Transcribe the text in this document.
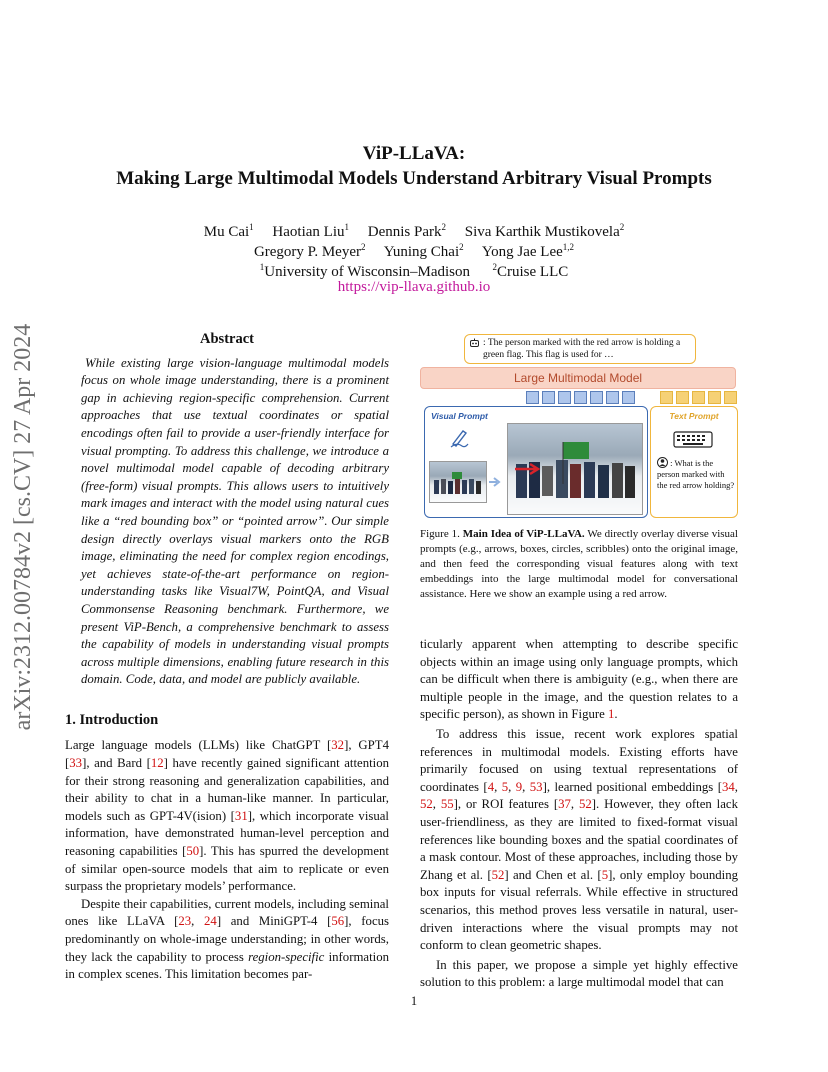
arXiv:2312.00784v2 [cs.CV] 27 Apr 2024
ViP-LLaVA:
Making Large Multimodal Models Understand Arbitrary Visual Prompts
Mu Cai$^1$ Haotian Liu$^1$ Dennis Park$^2$ Siva Karthik Mustikovela$^2$
Gregory P. Meyer$^2$ Yuning Chai$^2$ Yong Jae Lee$^{1,2}$
$^1$University of Wisconsin–Madison	$^2$Cruise LLC
https://vip-llava.github.io
Abstract

While existing large vision-language multimodal models focus on whole image understanding, there is a prominent gap in achieving region-specific comprehension. Current approaches that use textual coordinates or spatial encodings often fail to provide a user-friendly interface for visual prompting. To address this challenge, we introduce a novel multimodal model capable of decoding arbitrary (free-form) visual prompts. This allows users to intuitively mark images and interact with the model using natural cues like a “red bounding box” or “pointed arrow”. Our simple design directly overlays visual markers onto the RGB image, eliminating the need for complex region encodings, yet achieves state-of-the-art performance on region-understanding tasks like Visual7W, PointQA, and Visual Commonsense Reasoning benchmark. Furthermore, we present ViP-Bench, a comprehensive benchmark to assess the capability of models in understanding visual prompts across multiple dimensions, enabling future research in this domain. Code, data, and model are publicly available.

1. Introduction

Large language models (LLMs) like ChatGPT [32], GPT4 [33], and Bard [12] have recently gained significant attention for their strong reasoning and generalization capabilities, and their ability to chat in a human-like manner. In particular, models such as GPT-4V(ision) [31], which incorporate visual information, have demonstrated human-level perception and reasoning capabilities [50]. This has spurred the development of similar open-source models that aim to replicate or even surpass the proprietary models’ performance.

Despite their capabilities, current models, including seminal ones like LLaVA [23, 24] and MiniGPT-4 [56], focus predominantly on whole-image understanding; in other words, they lack the capability to process region-specific information in complex scenes. This limitation becomes par-

: The person marked with the red arrow is holding a green flag. This flag is used for …
Large Multimodal Model
Visual Prompt	Text Prompt
: What is the person marked with the red arrow holding?

Figure 1. Main Idea of ViP-LLaVA. We directly overlay diverse visual prompts (e.g., arrows, boxes, circles, scribbles) onto the original image, and then feed the corresponding visual features along with text embeddings into the large multimodal model for conversational assistance. Here we show an example using a red arrow.

ticularly apparent when attempting to describe specific objects within an image using only language prompts, which can be difficult when there is ambiguity (e.g., when there are multiple people in the image, and the question relates to a specific person), as shown in Figure 1.

To address this issue, recent work explores spatial references in multimodal models. Existing efforts have primarily focused on using textual representations of coordinates [4, 5, 9, 53], learned positional embeddings [34, 52, 55], or ROI features [37, 52]. However, they often lack user-friendliness, as they are limited to fixed-format visual references like bounding boxes and the spatial coordinates of a mask contour. Most of these approaches, including those by Zhang et al. [52] and Chen et al. [5], only employ bounding box inputs for visual referrals. While effective in structured scenarios, this method proves less versatile in natural, user-driven interactions where the visual prompts may not conform to clean geometric shapes.

In this paper, we propose a simple yet highly effective solution to this problem: a large multimodal model that can

1
